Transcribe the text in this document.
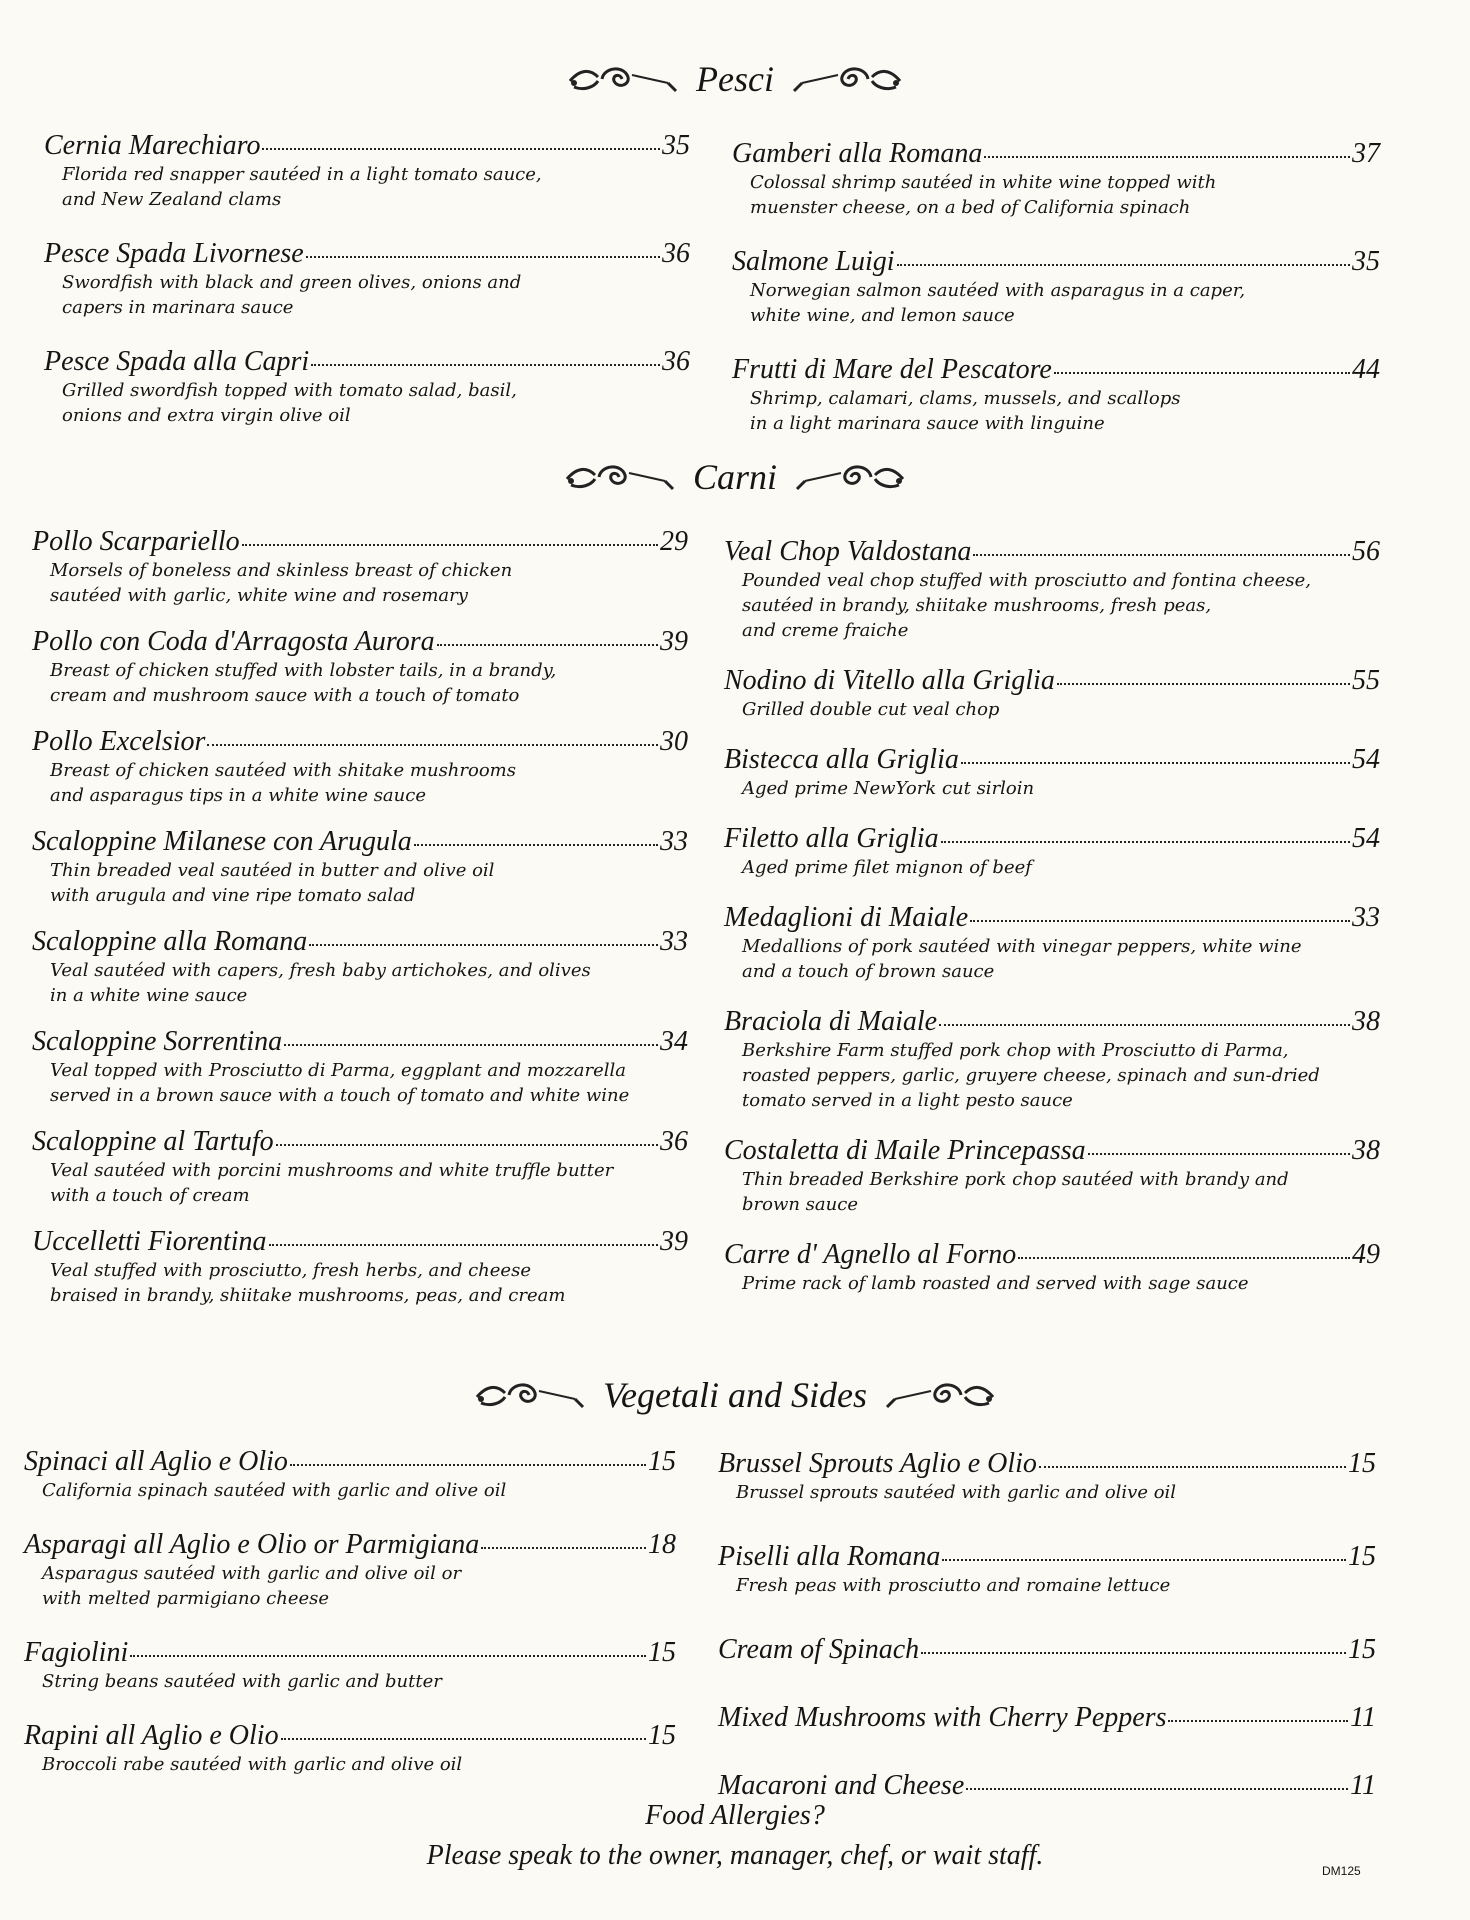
Pesci
Cernia Marechiaro	35
Florida red snapper sautéed in a light tomato sauce,
and New Zealand clams
Pesce Spada Livornese	36
Swordfish with black and green olives, onions and
capers in marinara sauce
Pesce Spada alla Capri	36
Grilled swordfish topped with tomato salad, basil,
onions and extra virgin olive oil
Gamberi alla Romana	37
Colossal shrimp sautéed in white wine topped with
muenster cheese, on a bed of California spinach
Salmone Luigi	35
Norwegian salmon sautéed with asparagus in a caper,
white wine, and lemon sauce
Frutti di Mare del Pescatore	44
Shrimp, calamari, clams, mussels, and scallops
in a light marinara sauce with linguine
Carni
Pollo Scarpariello	29
Morsels of boneless and skinless breast of chicken
sautéed with garlic, white wine and rosemary
Pollo con Coda d'Arragosta Aurora	39
Breast of chicken stuffed with lobster tails, in a brandy,
cream and mushroom sauce with a touch of tomato
Pollo Excelsior	30
Breast of chicken sautéed with shitake mushrooms
and asparagus tips in a white wine sauce
Scaloppine Milanese con Arugula	33
Thin breaded veal sautéed in butter and olive oil
with arugula and vine ripe tomato salad
Scaloppine alla Romana	33
Veal sautéed with capers, fresh baby artichokes, and olives
in a white wine sauce
Scaloppine Sorrentina	34
Veal topped with Prosciutto di Parma, eggplant and mozzarella
served in a brown sauce with a touch of tomato and white wine
Scaloppine al Tartufo	36
Veal sautéed with porcini mushrooms and white truffle butter
with a touch of cream
Uccelletti Fiorentina	39
Veal stuffed with prosciutto, fresh herbs, and cheese
braised in brandy, shiitake mushrooms, peas, and cream
Veal Chop Valdostana	56
Pounded veal chop stuffed with prosciutto and fontina cheese,
sautéed in brandy, shiitake mushrooms, fresh peas,
and creme fraiche
Nodino di Vitello alla Griglia	55
Grilled double cut veal chop
Bistecca alla Griglia	54
Aged prime NewYork cut sirloin
Filetto alla Griglia	54
Aged prime filet mignon of beef
Medaglioni di Maiale	33
Medallions of pork sautéed with vinegar peppers, white wine
and a touch of brown sauce
Braciola di Maiale	38
Berkshire Farm stuffed pork chop with Prosciutto di Parma,
roasted peppers, garlic, gruyere cheese, spinach and sun-dried
tomato served in a light pesto sauce
Costaletta di Maile Princepassa	38
Thin breaded Berkshire pork chop sautéed with brandy and
brown sauce
Carre d' Agnello al Forno	49
Prime rack of lamb roasted and served with sage sauce
Vegetali and Sides
Spinaci all Aglio e Olio	15
California spinach sautéed with garlic and olive oil
Asparagi all Aglio e Olio or Parmigiana	18
Asparagus sautéed with garlic and olive oil or
with melted parmigiano cheese
Fagiolini	15
String beans sautéed with garlic and butter
Rapini all Aglio e Olio	15
Broccoli rabe sautéed with garlic and olive oil
Brussel Sprouts Aglio e Olio	15
Brussel sprouts sautéed with garlic and olive oil
Piselli alla Romana	15
Fresh peas with prosciutto and romaine lettuce
Cream of Spinach	15
Mixed Mushrooms with Cherry Peppers	11
Macaroni and Cheese	11
Food Allergies?
Please speak to the owner, manager, chef, or wait staff.	DM125
